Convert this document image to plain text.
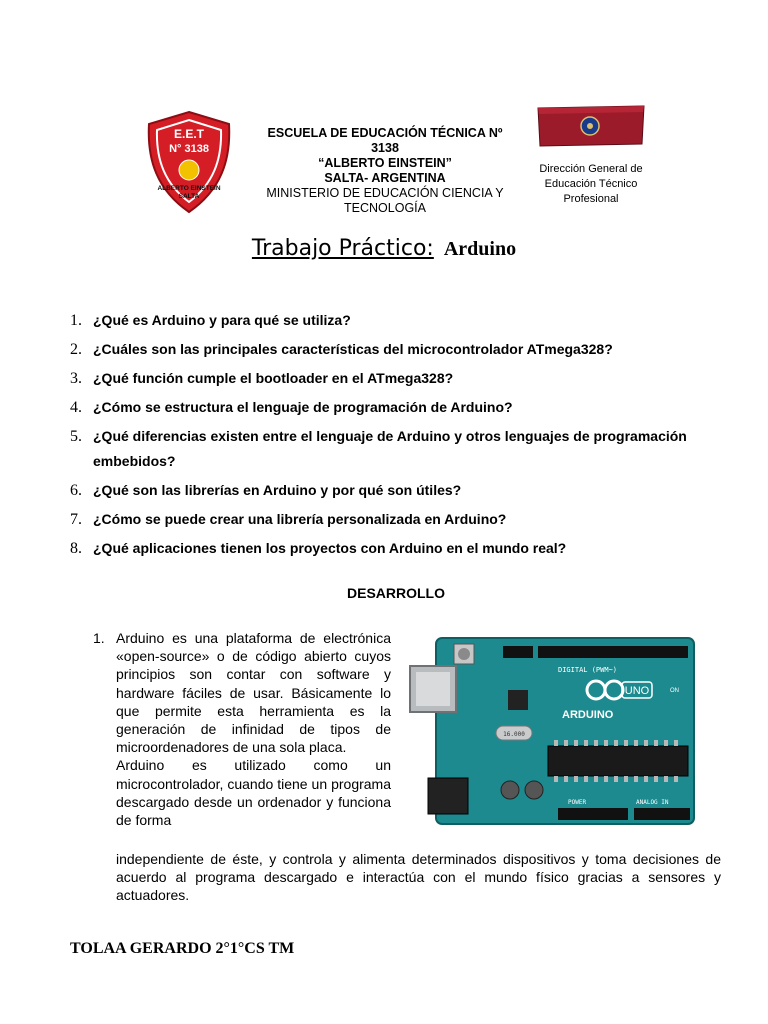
E.E.T
N° 3138
ALBERTO EINSTEIN
SALTA
ESCUELA DE EDUCACIÓN TÉCNICA Nº
3138
“ALBERTO EINSTEIN”
SALTA- ARGENTINA
MINISTERIO DE EDUCACIÓN CIENCIA Y
TECNOLOGÍA
Dirección General de
Educación Técnico
Profesional
Trabajo Práctico: Arduino
1. ¿Qué es Arduino y para qué se utiliza?
2. ¿Cuáles son las principales características del microcontrolador ATmega328?
3. ¿Qué función cumple el bootloader en el ATmega328?
4. ¿Cómo se estructura el lenguaje de programación de Arduino?
5. ¿Qué diferencias existen entre el lenguaje de Arduino y otros lenguajes de programación embebidos?
6. ¿Qué son las librerías en Arduino y por qué son útiles?
7. ¿Cómo se puede crear una librería personalizada en Arduino?
8. ¿Qué aplicaciones tienen los proyectos con Arduino en el mundo real?
DESARROLLO
1. Arduino es una plataforma de electrónica «open-source» o de código abierto cuyos principios son contar con software y hardware fáciles de usar. Básicamente lo que permite esta herramienta es la generación de infinidad de tipos de microordenadores de una sola placa.

Arduino es utilizado como un microcontrolador, cuando tiene un programa descargado desde un ordenador y funciona de forma

independiente de éste, y controla y alimenta determinados dispositivos y toma decisiones de acuerdo al programa descargado e interactúa con el mundo físico gracias a sensores y actuadores.
DIGITAL (PWM~)
UNO
ARDUINO
ON
16.000
POWER	ANALOG IN
TOLAA GERARDO 2°1°CS TM
